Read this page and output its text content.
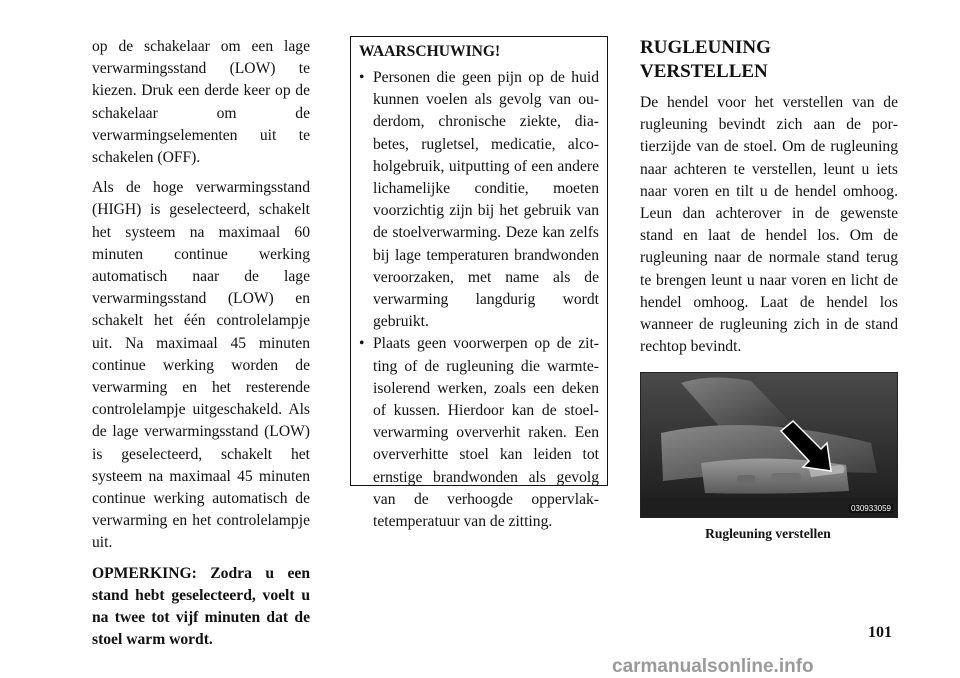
op de schakelaar om een lage verwarmingsstand (LOW) te kiezen. Druk een derde keer op de schakelaar om de verwarmingselementen uit te schakelen (OFF).

Als de hoge verwarmingsstand (HIGH) is geselecteerd, schakelt het systeem na maximaal 60 minuten continue werking automatisch naar de lage verwarmingsstand (LOW) en schakelt het één controlelampje uit. Na maximaal 45 minuten continue werking worden de verwarming en het resterende controlelampje uitgeschakeld. Als de lage verwarmingsstand (LOW) is geselecteerd, schakelt het systeem na maximaal 45 minuten continue werking automatisch de verwarming en het controlelampje uit.

OPMERKING: Zodra u een stand hebt geselecteerd, voelt u na twee tot vijf minuten dat de stoel warm wordt.

WAARSCHUWING!

• Personen die geen pijn op de huid kunnen voelen als gevolg van ouderdom, chronische ziekte, diabetes, rugletsel, medicatie, alcoholgebruik, uitputting of een andere lichamelijke conditie, moeten voorzichtig zijn bij het gebruik van de stoelverwarming. Deze kan zelfs bij lage temperaturen brandwonden veroorzaken, met name als de verwarming langdurig wordt gebruikt.
• Plaats geen voorwerpen op de zitting of de rugleuning die warmteisolerend werken, zoals een deken of kussen. Hierdoor kan de stoelverwarming oververhit raken. Een oververhitte stoel kan leiden tot ernstige brandwonden als gevolg van de verhoogde oppervlaktetemperatuur van de zitting.
RUGLEUNING
VERSTELLEN

De hendel voor het verstellen van de rugleuning bevindt zich aan de portierzijde van de stoel. Om de rugleuning naar achteren te verstellen, leunt u iets naar voren en tilt u de hendel omhoog. Leun dan achterover in de gewenste stand en laat de hendel los. Om de rugleuning naar de normale stand terug te brengen leunt u naar voren en licht de hendel omhoog. Laat de hendel los wanneer de rugleuning zich in de stand rechtop bevindt.

030933059
Rugleuning verstellen
101
carmanualsonline.info
